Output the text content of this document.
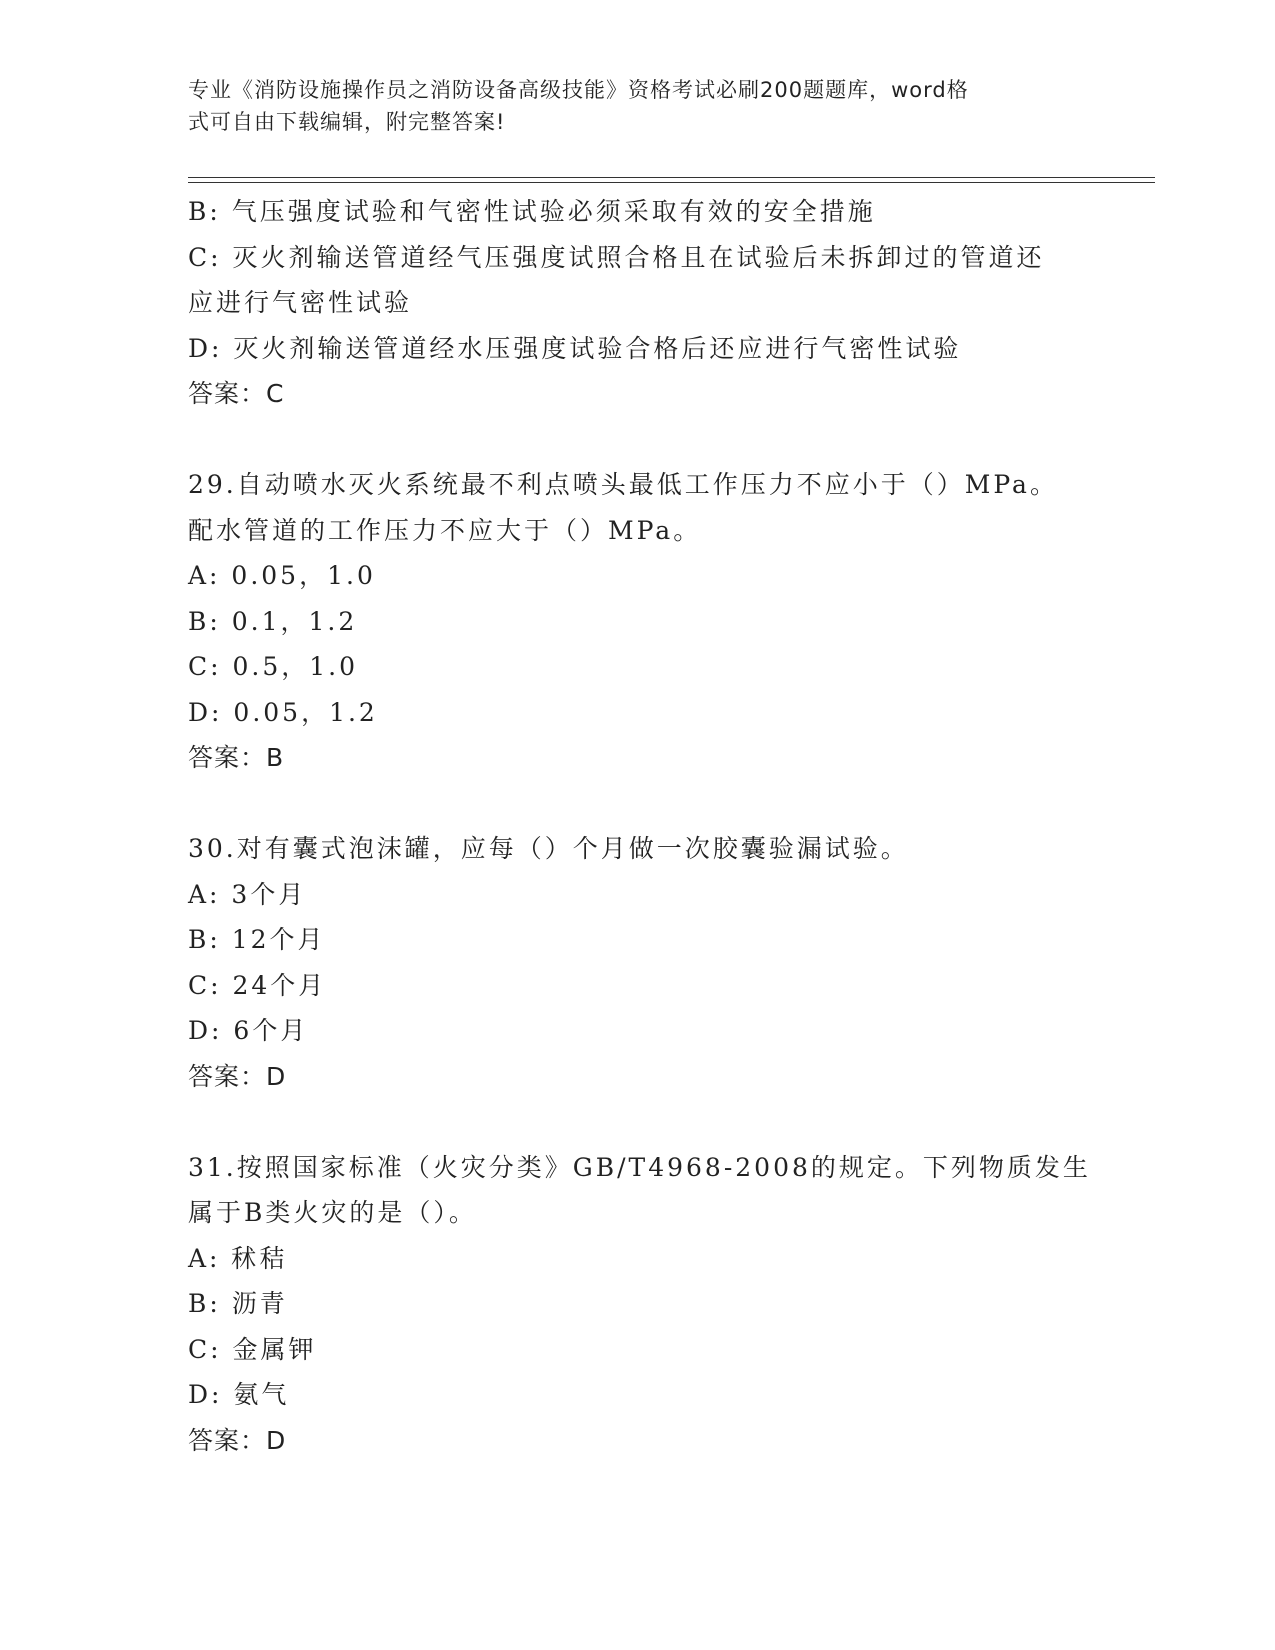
专业《消防设施操作员之消防设备高级技能》资格考试必刷200题题库，word格
式可自由下载编辑，附完整答案!
B: 气压强度试验和气密性试验必须采取有效的安全措施
C: 灭火剂输送管道经气压强度试照合格且在试验后未拆卸过的管道还
应进行气密性试验
D: 灭火剂输送管道经水压强度试验合格后还应进行气密性试验
答案：C
29.自动喷水灭火系统最不利点喷头最低工作压力不应小于（）MPa。
配水管道的工作压力不应大于（）MPa。
A: 0.05，1.0
B: 0.1，1.2
C: 0.5，1.0
D: 0.05，1.2
答案：B
30.对有囊式泡沫罐，应每（）个月做一次胶囊验漏试验。
A: 3个月
B: 12个月
C: 24个月
D: 6个月
答案：D
31.按照国家标准（火灾分类》GB/T4968-2008的规定。下列物质发生
属于B类火灾的是（）。
A: 秫秸
B: 沥青
C: 金属钾
D: 氨气
答案：D
